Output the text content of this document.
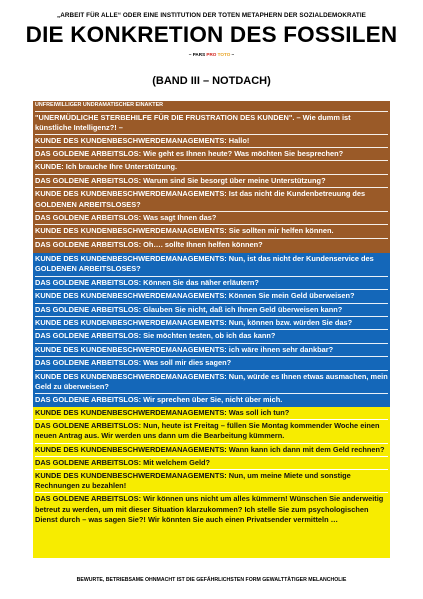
„ARBEIT FÜR ALLE“ ODER EINE INSTITUTION DER TOTEN METAPHERN DER SOZIALDEMOKRATIE
DIE KONKRETION DES FOSSILEN
~ PARS PRO TOTO ~
(BAND III – NOTDACH)
UNFREIWILLIGER UNDRAMATISCHER EINAKTER
"UNERMÜDLICHE STERBEHILFE FÜR DIE FRUSTRATION DES KUNDEN". – Wie dumm ist künstliche Intelligenz?! –
KUNDE DES KUNDENBESCHWERDEMANAGEMENTS: Hallo!
DAS GOLDENE ARBEITSLOS: Wie geht es Ihnen heute? Was möchten Sie besprechen?
KUNDE: Ich brauche Ihre Unterstützung.
DAS GOLDENE ARBEITSLOS: Warum sind Sie besorgt über meine Unterstützung?
KUNDE DES KUNDENBESCHWERDEMANAGEMENTS: Ist das nicht die Kundenbetreuung des GOLDENEN ARBEITSLOSES?
DAS GOLDENE ARBEITSLOS: Was sagt Ihnen das?
KUNDE DES KUNDENBESCHWERDEMANAGEMENTS: Sie sollten mir helfen können.
DAS GOLDENE ARBEITSLOS: Oh…. sollte Ihnen helfen können?
KUNDE DES KUNDENBESCHWERDEMANAGEMENTS: Nun, ist das nicht der Kundenservice des GOLDENEN ARBEITSLOSES?
DAS GOLDENE ARBEITSLOS: Können Sie das näher erläutern?
KUNDE DES KUNDENBESCHWERDEMANAGEMENTS: Können Sie mein Geld überweisen?
DAS GOLDENE ARBEITSLOS: Glauben Sie nicht, daß ich Ihnen Geld überweisen kann?
KUNDE DES KUNDENBESCHWERDEMANAGEMENTS: Nun, können bzw. würden Sie das?
DAS GOLDENE ARBEITSLOS: Sie möchten testen, ob ich das kann?
KUNDE DES KUNDENBESCHWERDEMANAGEMENTS: ich wäre ihnen sehr dankbar?
DAS GOLDENE ARBEITSLOS: Was soll mir dies sagen?
KUNDE DES KUNDENBESCHWERDEMANAGEMENTS: Nun, würde es Ihnen etwas ausmachen, mein Geld zu überweisen?
DAS GOLDENE ARBEITSLOS: Wir sprechen über Sie, nicht über mich.
KUNDE DES KUNDENBESCHWERDEMANAGEMENTS: Was soll ich tun?
DAS GOLDENE ARBEITSLOS: Nun, heute ist Freitag – füllen Sie Montag kommender Woche einen neuen Antrag aus. Wir werden uns dann um die Bearbeitung kümmern.
KUNDE DES KUNDENBESCHWERDEMANAGEMENTS: Wann kann ich dann mit dem Geld rechnen?
DAS GOLDENE ARBEITSLOS: Mit welchem Geld?
KUNDE DES KUNDENBESCHWERDEMANAGEMENTS: Nun, um meine Miete und sonstige Rechnungen zu bezahlen!
DAS GOLDENE ARBEITSLOS: Wir können uns nicht um alles kümmern! Wünschen Sie anderweitig betreut zu werden, um mit dieser Situation klarzukommen? Ich stelle Sie zum psychologischen Dienst durch – was sagen Sie?! Wir könnten Sie auch einen Privatsender vermitteln …
BEWURTE, BETRIEBSAME OHNMACHT IST DIE GEFÄHRLICHSTEN FORM GEWALTTÄTIGER MELANCHOLIE
